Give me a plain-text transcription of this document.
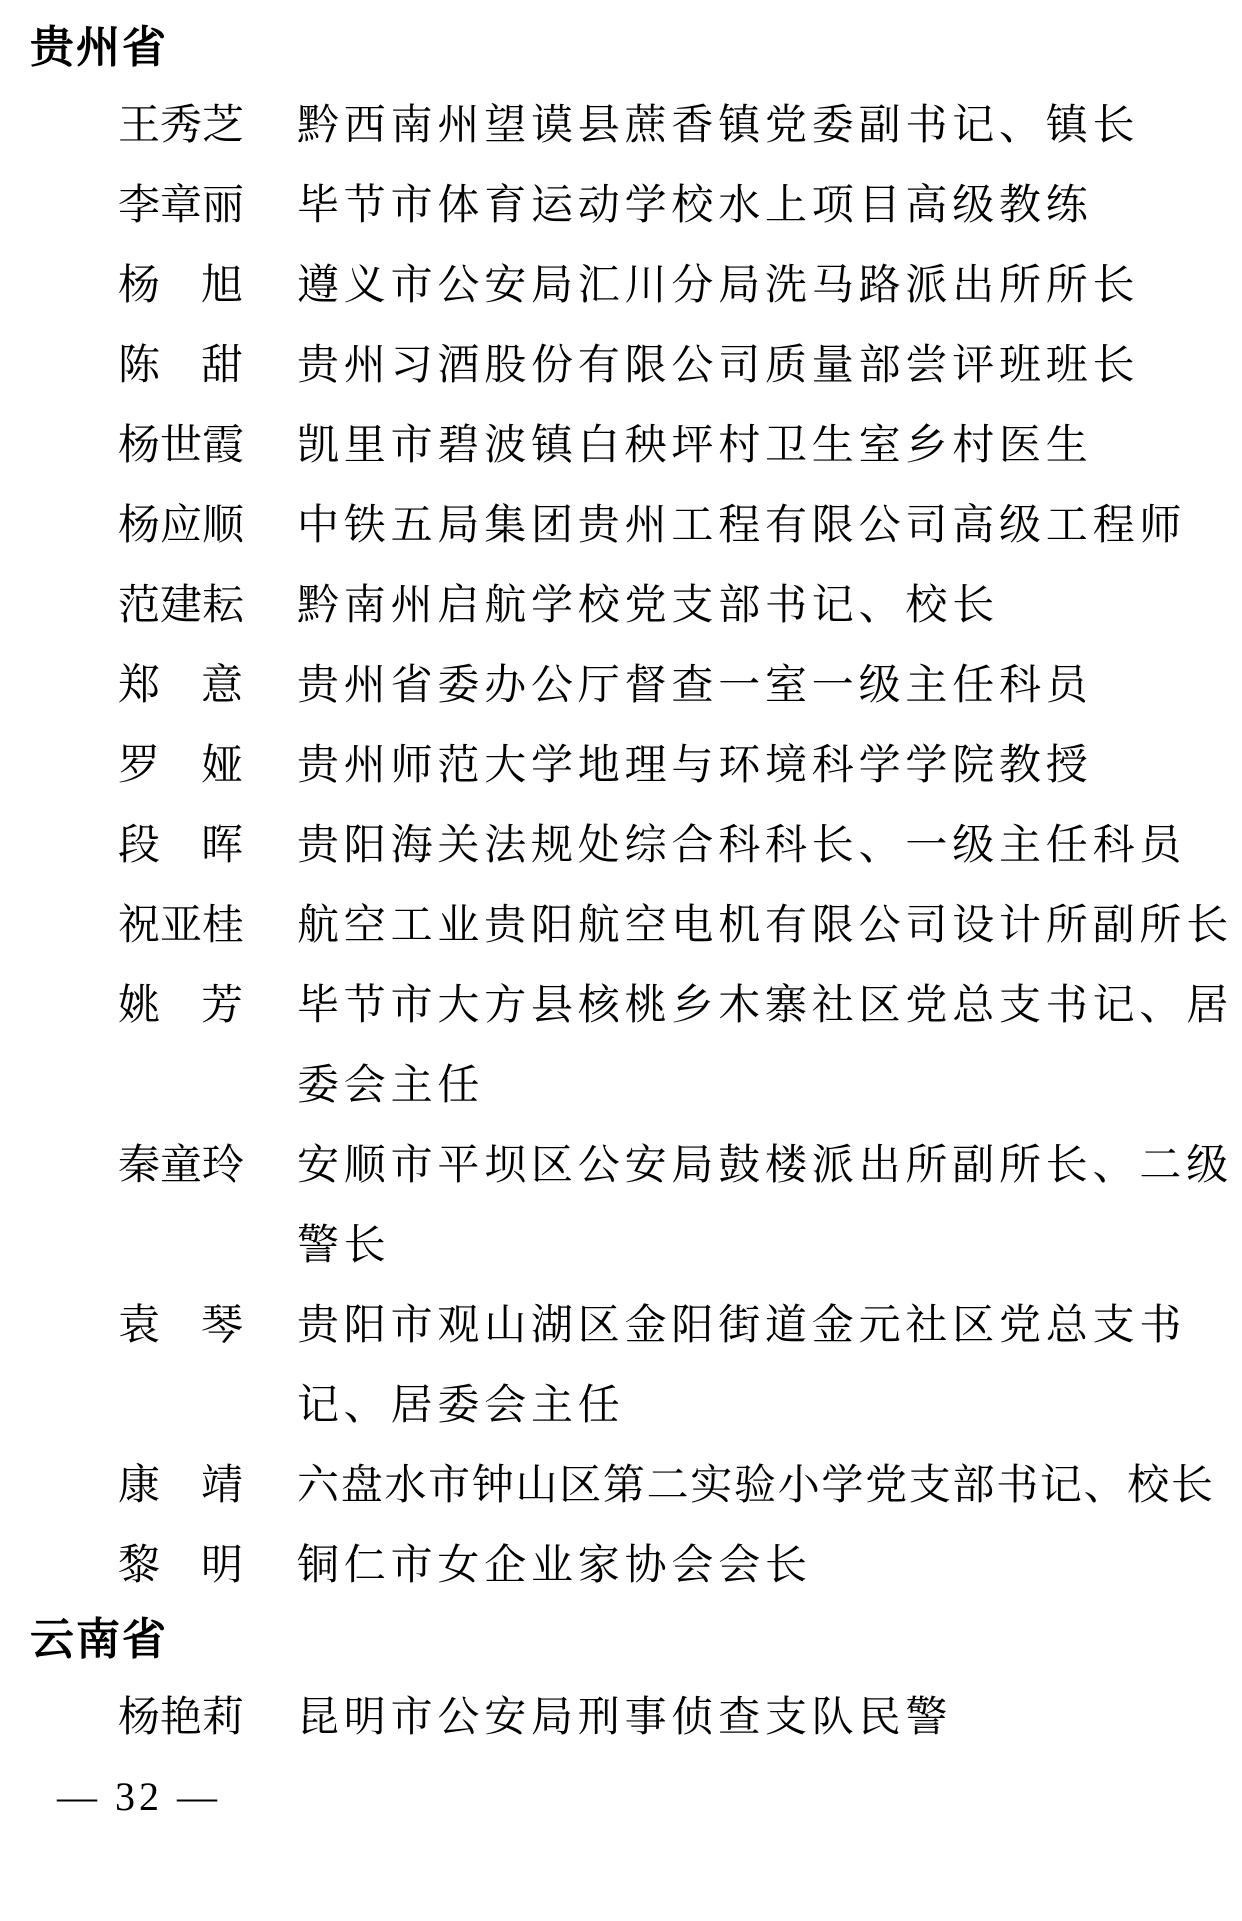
贵州省
王 秀 芝 黔西南州望谟县蔗香镇党委副书记、镇长
李 章 丽 毕节市体育运动学校水上项目高级教练
杨 旭 遵义市公安局汇川分局洗马路派出所所长
陈 甜 贵州习酒股份有限公司质量部尝评班班长
杨 世 霞 凯里市碧波镇白秧坪村卫生室乡村医生
杨 应 顺 中铁五局集团贵州工程有限公司高级工程师
范 建 耘 黔南州启航学校党支部书记、校长
郑 意 贵州省委办公厅督查一室一级主任科员
罗 娅 贵州师范大学地理与环境科学学院教授
段 晖 贵阳海关法规处综合科科长、一级主任科员
祝 亚 桂 航空工业贵阳航空电机有限公司设计所副所长
姚 芳 毕节市大方县核桃乡木寨社区党总支书记、居
委会主任
秦 童 玲 安顺市平坝区公安局鼓楼派出所副所长、二级
警长
袁 琴 贵阳市观山湖区金阳街道金元社区党总支书
记、居委会主任
康 靖 六盘水市钟山区第二实验小学党支部书记、校长
黎 明 铜仁市女企业家协会会长
云南省
杨 艳 莉 昆明市公安局刑事侦查支队民警
— 32 —
